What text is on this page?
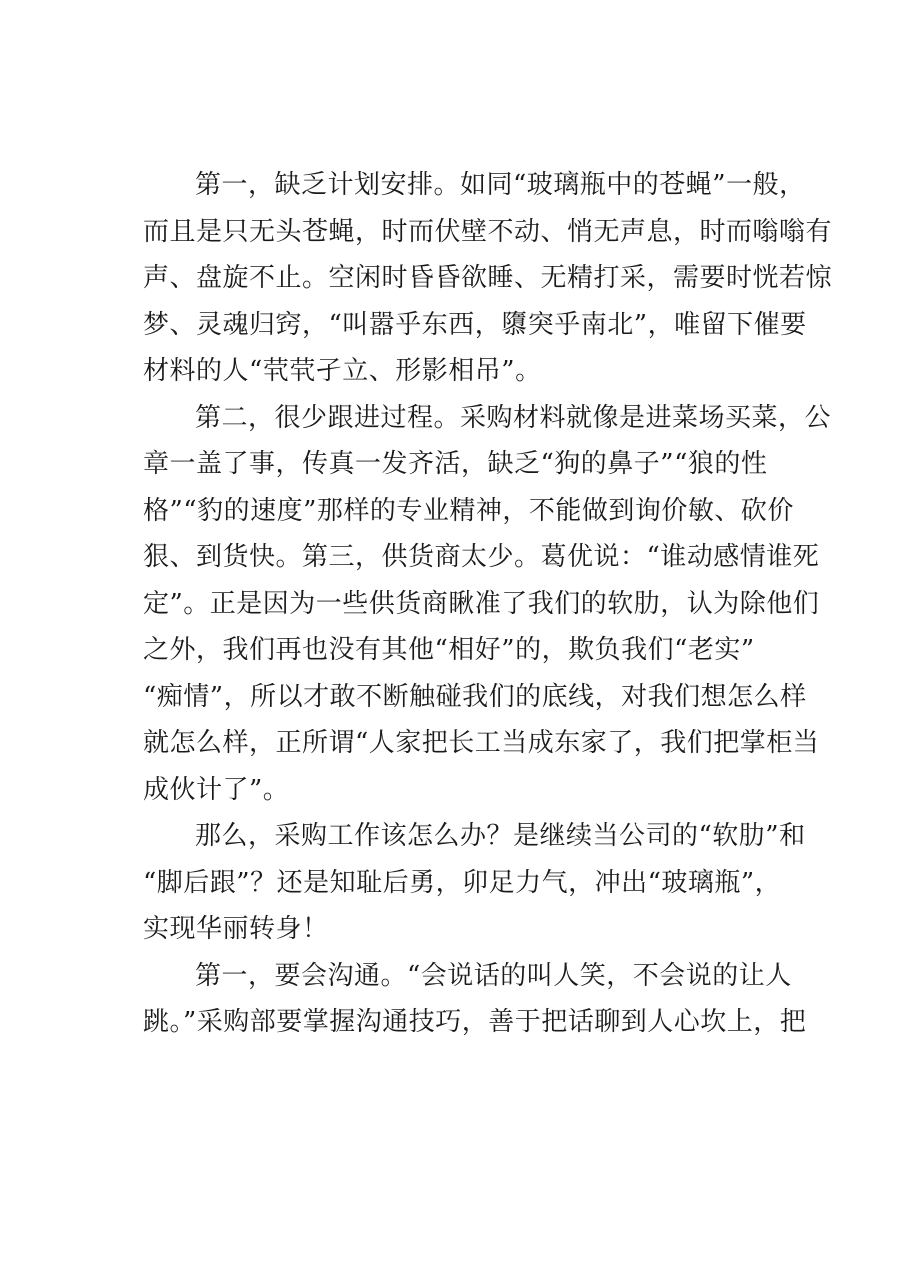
第一，缺乏计划安排。如同“玻璃瓶中的苍蝇”一般，
而且是只无头苍蝇，时而伏壁不动、悄无声息，时而嗡嗡有
声、盘旋不止。空闲时昏昏欲睡、无精打采，需要时恍若惊
梦、灵魂归窍，“叫嚣乎东西，隳突乎南北”，唯留下催要
材料的人“茕茕孑立、形影相吊”。
第二，很少跟进过程。采购材料就像是进菜场买菜，公
章一盖了事，传真一发齐活，缺乏“狗的鼻子”“狼的性
格”“豹的速度”那样的专业精神，不能做到询价敏、砍价
狠、到货快。第三，供货商太少。葛优说：“谁动感情谁死
定”。正是因为一些供货商瞅准了我们的软肋，认为除他们
之外，我们再也没有其他“相好”的，欺负我们“老实”
“痴情”，所以才敢不断触碰我们的底线，对我们想怎么样
就怎么样，正所谓“人家把长工当成东家了，我们把掌柜当
成伙计了”。
那么，采购工作该怎么办？是继续当公司的“软肋”和
“脚后跟”？还是知耻后勇，卯足力气，冲出“玻璃瓶”，
实现华丽转身！
第一，要会沟通。“会说话的叫人笑，不会说的让人
跳。”采购部要掌握沟通技巧，善于把话聊到人心坎上，把
